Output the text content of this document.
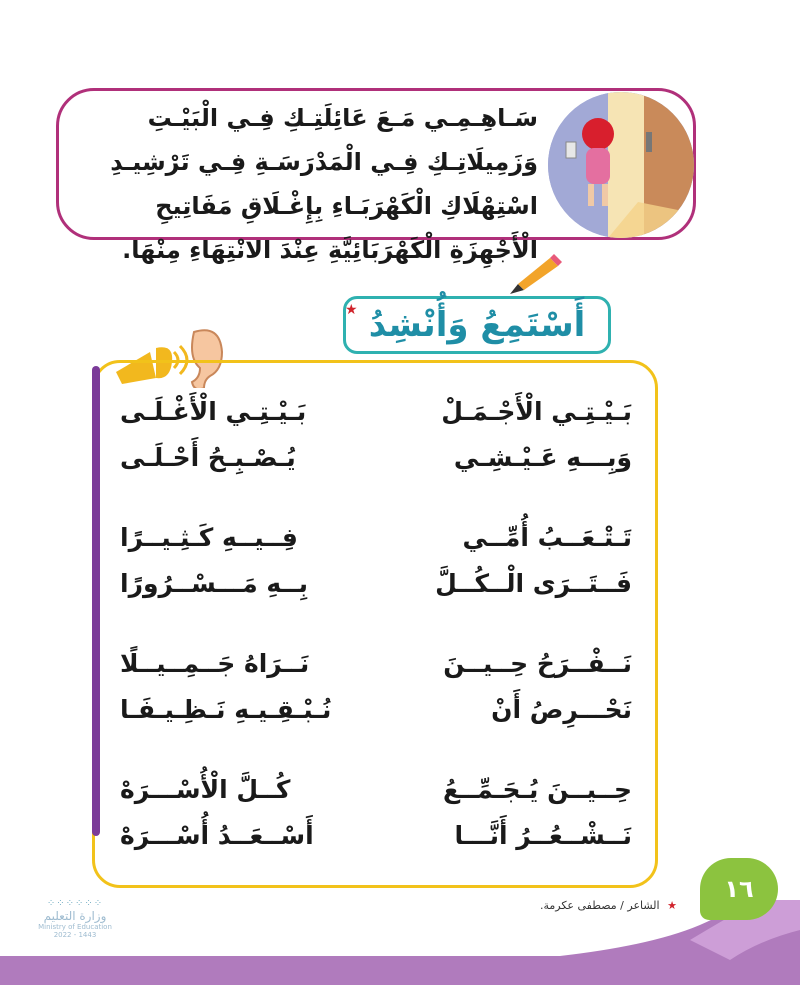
سَـاهِـمِـي مَـعَ عَائِلَتِـكِ فِـي الْبَيْـتِ وَزَمِيلَاتِـكِ فِـي الْمَدْرَسَـةِ فِـي تَرْشِيـدِ اسْتِهْلَاكِ الْكَهْرَبَـاءِ بِإِغْـلَاقِ مَفَاتِيحِ الْأَجْهِزَةِ الْكَهْرَبَائِيَّةِ عِنْدَ الانْتِهَاءِ مِنْهَا.
أَسْتَمِعُ وَأُنْشِدُ
★
بَـيْـتِـي الْأَجْـمَـلْ
بَـيْـتِـي الْأَغْـلَـى
وَبِـــهِ عَـيْـشِـي
يُـصْـبِـحُ أَحْـلَـى
تَـتْـعَــبُ أُمِّــي
فِــيــهِ كَـثِـيــرًا
فَــتَــرَى الْــكُــلَّ
بِــهِ مَـــسْــرُورًا
نَــفْــرَحُ حِــيــنَ
نَــرَاهُ جَــمِــيــلًا
نَحْـــرِصُ أَنْ
نُـبْـقِـيـهِ نَـظِـيـفَـا
حِــيــنَ يُـجَـمِّــعُ
كُــلَّ الْأُسْـــرَهْ
نَــشْــعُــرُ أَنَّـــا
أَسْــعَــدُ أُسْـــرَهْ
★ الشاعر / مصطفى عكرمة.
١٦
⁘⁘⁘⁘⁘⁘
وزارة التعليم
Ministry of Education
2022 - 1443
